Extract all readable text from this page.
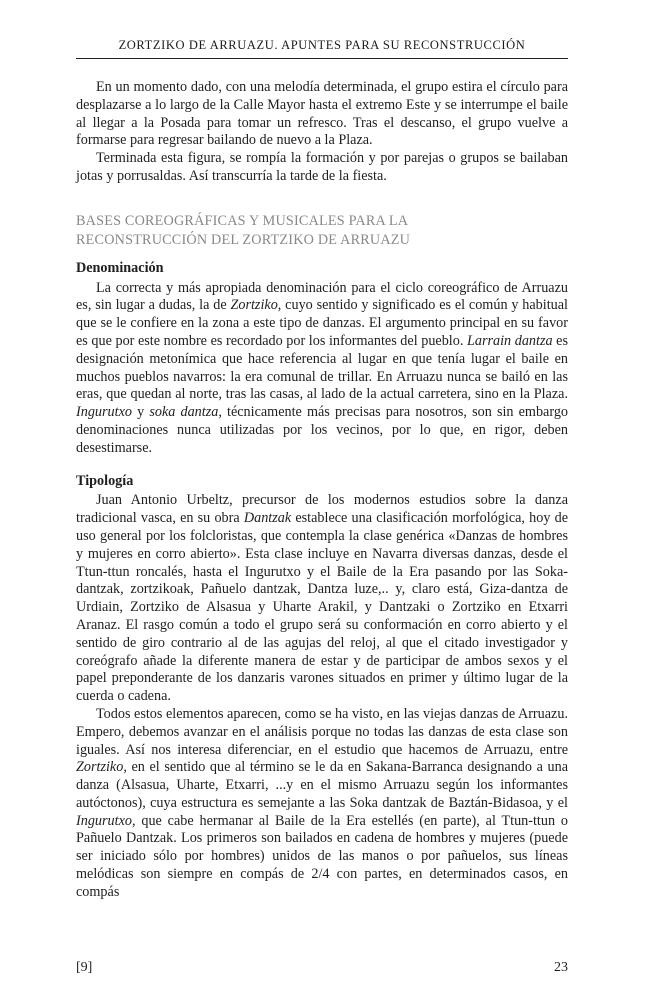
ZORTZIKO DE ARRUAZU. APUNTES PARA SU RECONSTRUCCIÓN

En un momento dado, con una melodía determinada, el grupo estira el círculo para desplazarse a lo largo de la Calle Mayor hasta el extremo Este y se interrumpe el baile al llegar a la Posada para tomar un refresco. Tras el descanso, el grupo vuelve a formarse para regresar bailando de nuevo a la Plaza.

Terminada esta figura, se rompía la formación y por parejas o grupos se bailaban jotas y porrusaldas. Así transcurría la tarde de la fiesta.

BASES COREOGRÁFICAS Y MUSICALES PARA LA
RECONSTRUCCIÓN DEL ZORTZIKO DE ARRUAZU
Denominación

La correcta y más apropiada denominación para el ciclo coreográfico de Arruazu es, sin lugar a dudas, la de Zortziko, cuyo sentido y significado es el común y habitual que se le confiere en la zona a este tipo de danzas. El argumento principal en su favor es que por este nombre es recordado por los informantes del pueblo. Larrain dantza es designación metonímica que hace referencia al lugar en que tenía lugar el baile en muchos pueblos navarros: la era comunal de trillar. En Arruazu nunca se bailó en las eras, que quedan al norte, tras las casas, al lado de la actual carretera, sino en la Plaza. Ingurutxo y soka dantza, técnicamente más precisas para nosotros, son sin embargo denominaciones nunca utilizadas por los vecinos, por lo que, en rigor, deben desestimarse.

Tipología

Juan Antonio Urbeltz, precursor de los modernos estudios sobre la danza tradicional vasca, en su obra Dantzak establece una clasificación morfológica, hoy de uso general por los folcloristas, que contempla la clase genérica «Danzas de hombres y mujeres en corro abierto». Esta clase incluye en Navarra diversas danzas, desde el Ttun-ttun roncalés, hasta el Ingurutxo y el Baile de la Era pasando por las Soka-dantzak, zortzikoak, Pañuelo dantzak, Dantza luze,.. y, claro está, Giza-dantza de Urdiain, Zortziko de Alsasua y Uharte Arakil, y Dantzaki o Zortziko en Etxarri Aranaz. El rasgo común a todo el grupo será su conformación en corro abierto y el sentido de giro contrario al de las agujas del reloj, al que el citado investigador y coreógrafo añade la diferente manera de estar y de participar de ambos sexos y el papel preponderante de los danzaris varones situados en primer y último lugar de la cuerda o cadena.

Todos estos elementos aparecen, como se ha visto, en las viejas danzas de Arruazu. Empero, debemos avanzar en el análisis porque no todas las danzas de esta clase son iguales. Así nos interesa diferenciar, en el estudio que hacemos de Arruazu, entre Zortziko, en el sentido que al término se le da en Sakana-Barranca designando a una danza (Alsasua, Uharte, Etxarri, ...y en el mismo Arruazu según los informantes autóctonos), cuya estructura es semejante a las Soka dantzak de Baztán-Bidasoa, y el Ingurutxo, que cabe hermanar al Baile de la Era estellés (en parte), al Ttun-ttun o Pañuelo Dantzak. Los primeros son bailados en cadena de hombres y mujeres (puede ser iniciado sólo por hombres) unidos de las manos o por pañuelos, sus líneas melódicas son siempre en compás de 2/4 con partes, en determinados casos, en compás

[9]	23
